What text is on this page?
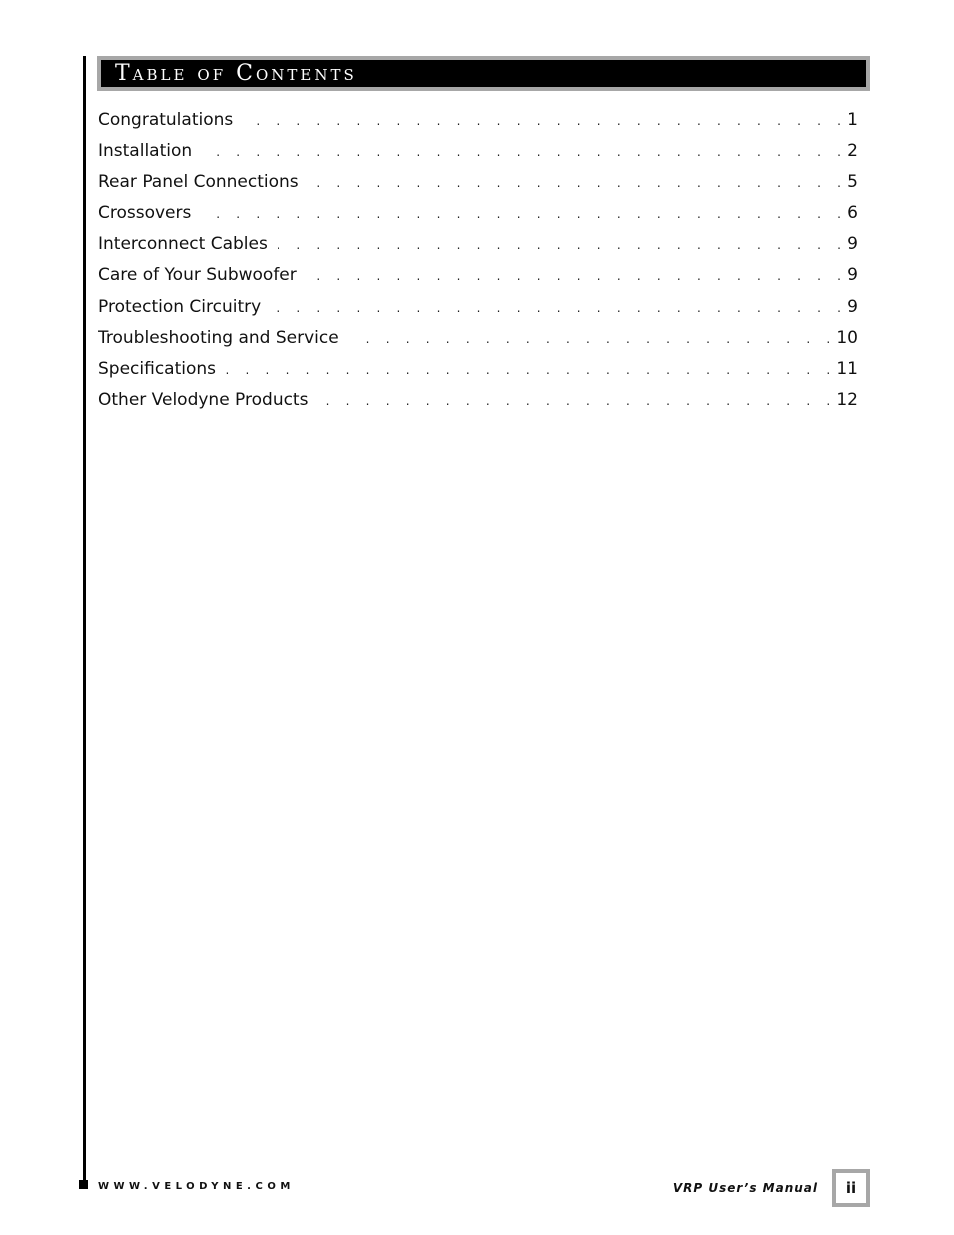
Table of Contents
Congratulations . . .	1
Installation . . .	2
Rear Panel Connections . . .	5
Crossovers . . .	6
Interconnect Cables . . .	9
Care of Your Subwoofer . . .	9
Protection Circuitry . . .	9
Troubleshooting and Service . . .	10
Specifications . . .	11
Other Velodyne Products . . .	12
WWW.VELODYNE.COM	VRP User’s Manual	ii
